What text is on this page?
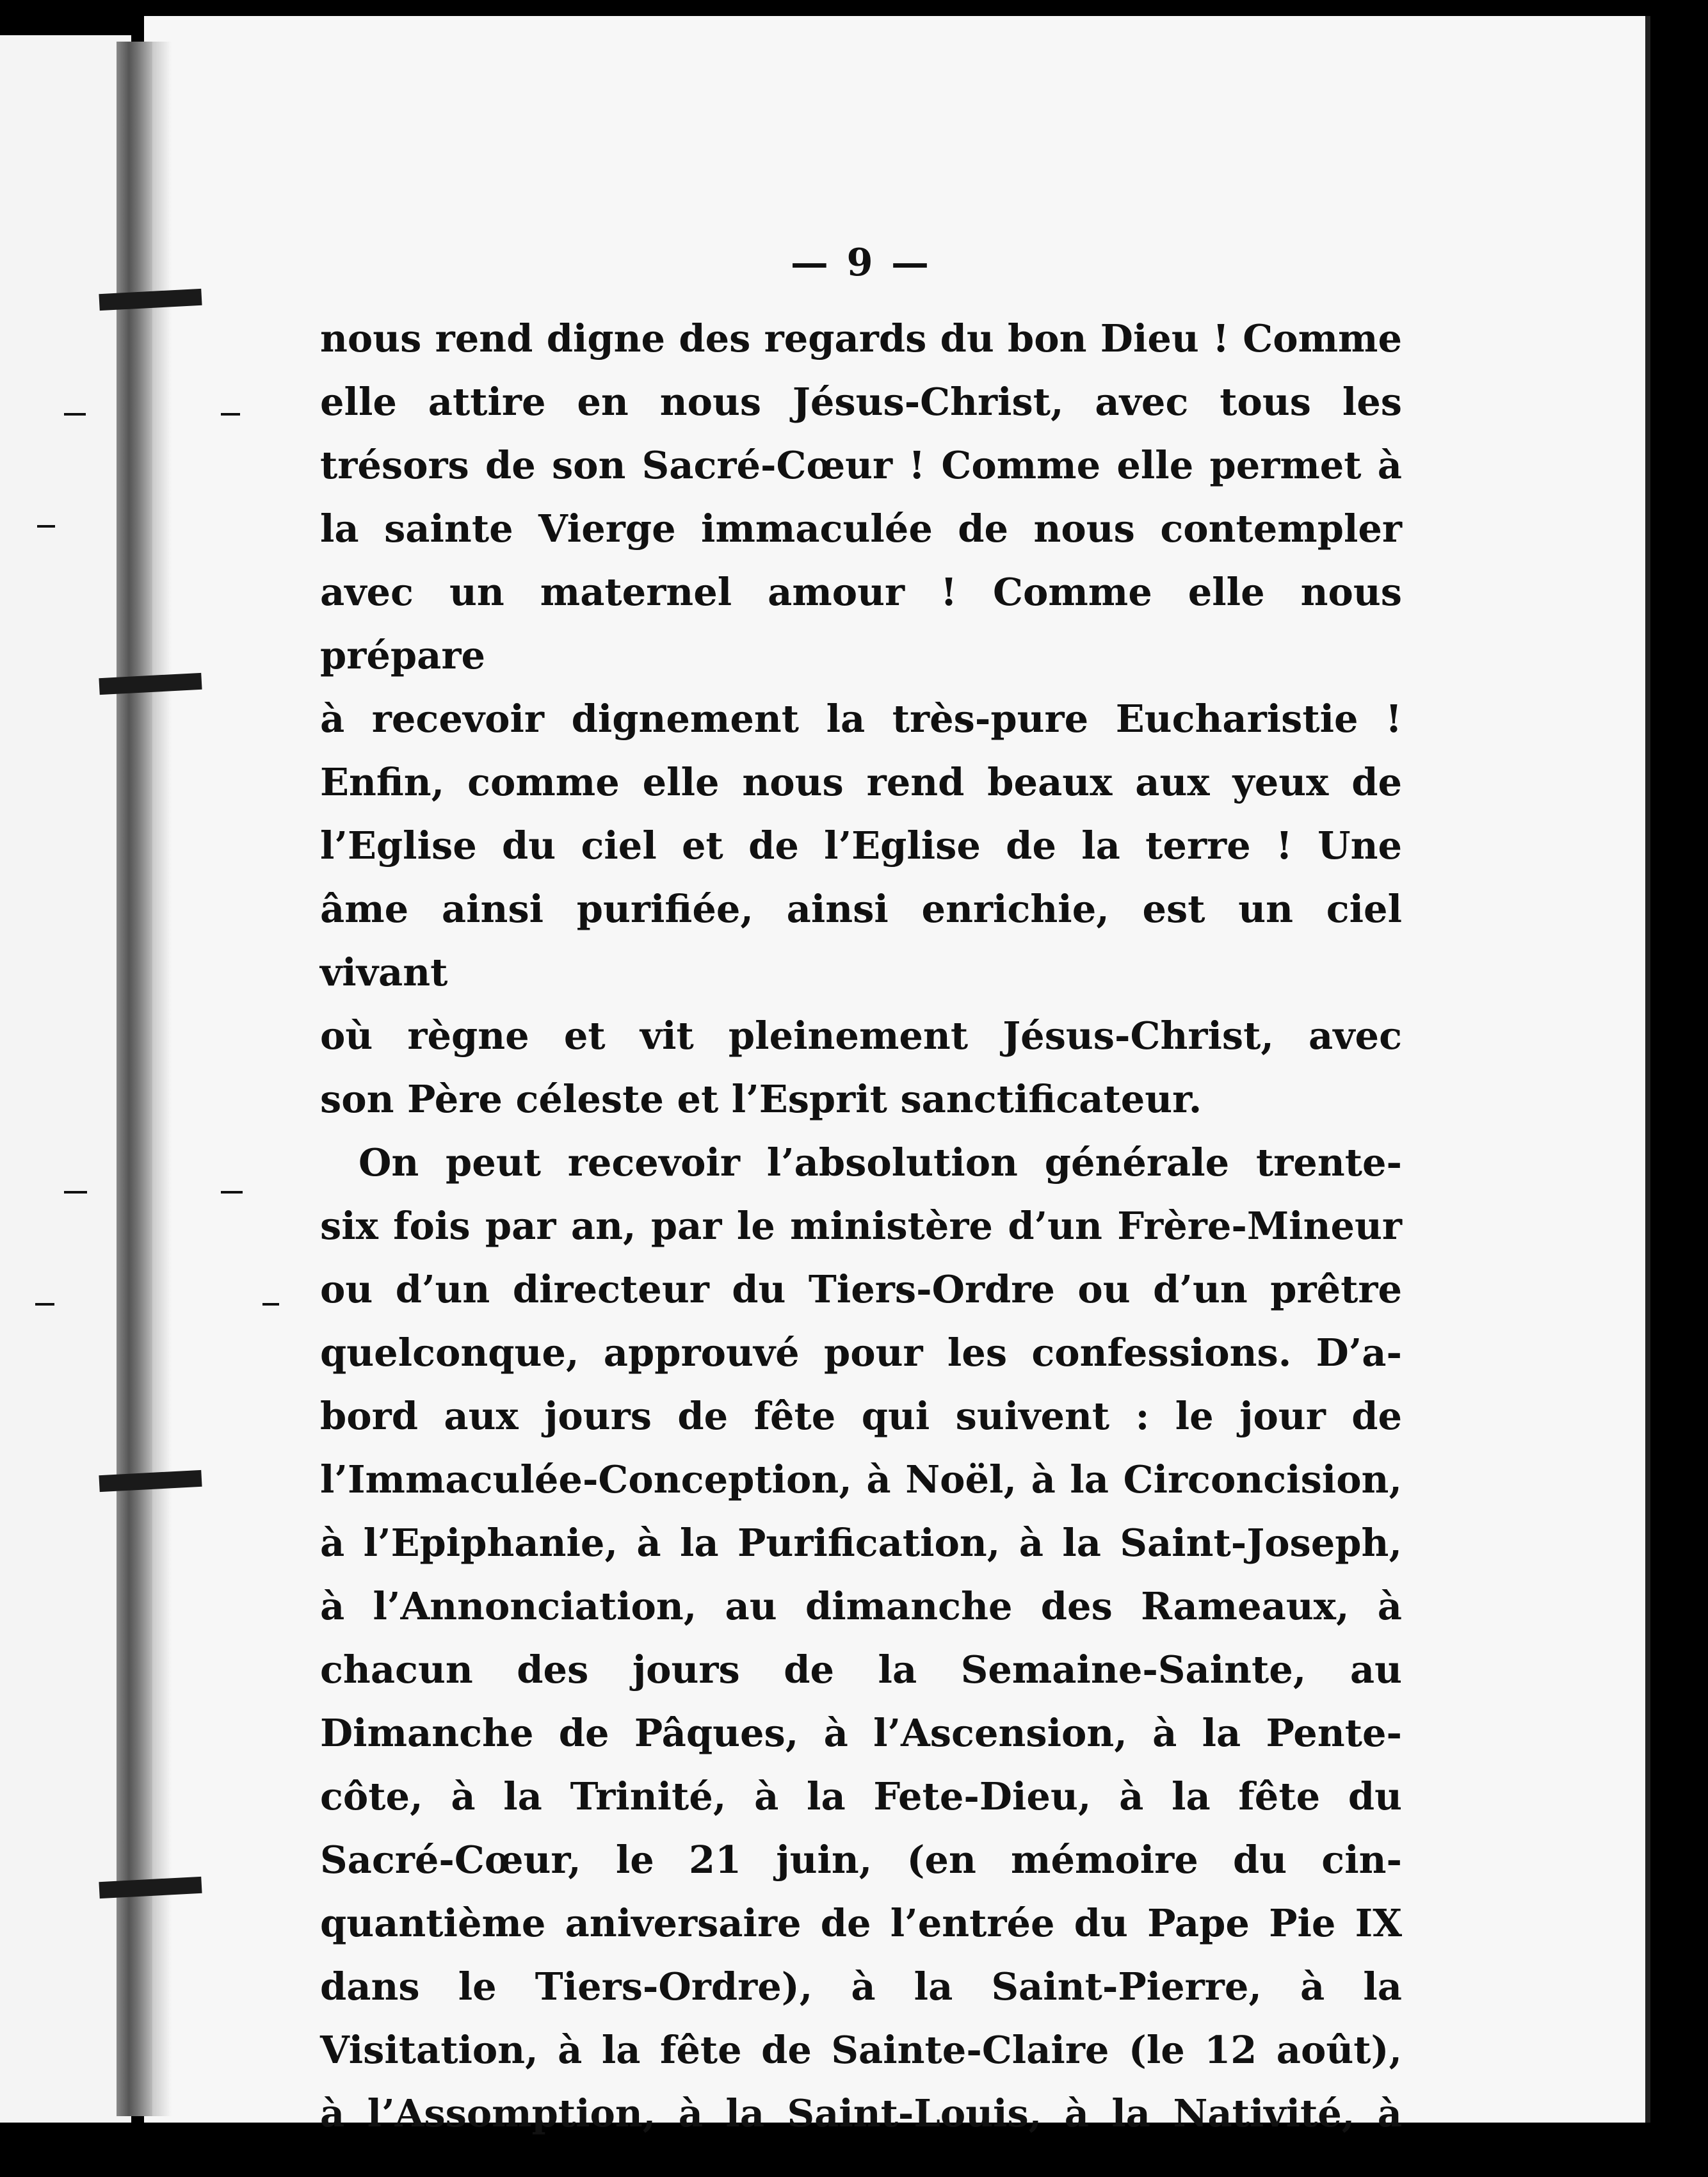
— 9 —

nous rend digne des regards du bon Dieu ! Comme

elle attire en nous Jésus-Christ, avec tous les

trésors de son Sacré-Cœur ! Comme elle permet à

la sainte Vierge immaculée de nous contempler

avec un maternel amour ! Comme elle nous prépare

à recevoir dignement la très-pure Eucharistie !

Enfin, comme elle nous rend beaux aux yeux de

l’Eglise du ciel et de l’Eglise de la terre ! Une

âme ainsi purifiée, ainsi enrichie, est un ciel vivant

où règne et vit pleinement Jésus-Christ, avec

son Père céleste et l’Esprit sanctificateur.

On peut recevoir l’absolution générale trente-

six fois par an, par le ministère d’un Frère-Mineur

ou d’un directeur du Tiers-Ordre ou d’un prêtre

quelconque, approuvé pour les confessions. D’a-

bord aux jours de fête qui suivent : le jour de

l’Immaculée-Conception, à Noël, à la Circoncision,

à l’Epiphanie, à la Purification, à la Saint-Joseph,

à l’Annonciation, au dimanche des Rameaux, à

chacun des jours de la Semaine-Sainte, au

Dimanche de Pâques, à l’Ascension, à la Pente-

côte, à la Trinité, à la Fete-Dieu, à la fête du

Sacré-Cœur, le 21 juin, (en mémoire du cin-

quantième aniversaire de l’entrée du Pape Pie IX

dans le Tiers-Ordre), à la Saint-Pierre, à la

Visitation, à la fête de Sainte-Claire (le 12 août),

à l’Assomption, à la Saint-Louis, à la Nativité, à
